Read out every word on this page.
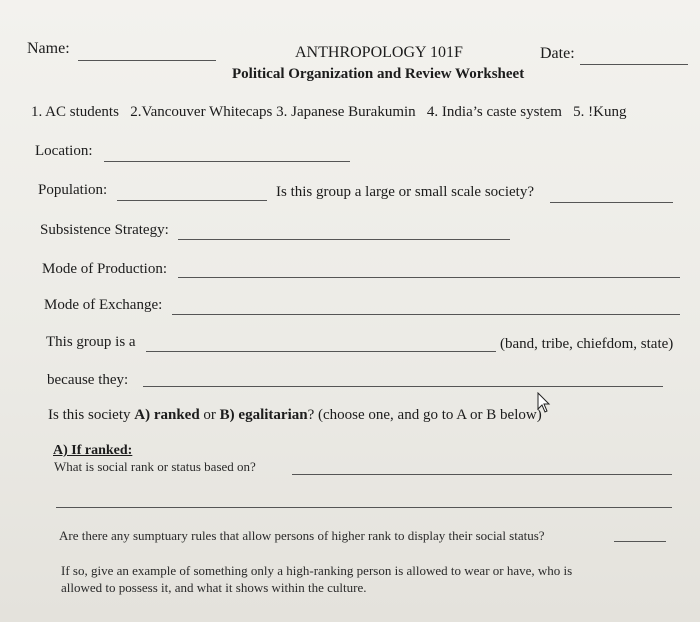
Name:	ANTHROPOLOGY 101F	Date:
Political Organization and Review Worksheet
1. AC students 2.Vancouver Whitecaps 3. Japanese Burakumin 4. India’s caste system 5. !Kung
Location:
Population:	Is this group a large or small scale society?
Subsistence Strategy:
Mode of Production:
Mode of Exchange:
This group is a	(band, tribe, chiefdom, state)
because they:
Is this society A) ranked or B) egalitarian? (choose one, and go to A or B below)
A) If ranked:
What is social rank or status based on?
Are there any sumptuary rules that allow persons of higher rank to display their social status?
If so, give an example of something only a high-ranking person is allowed to wear or have, who is
allowed to possess it, and what it shows within the culture.
